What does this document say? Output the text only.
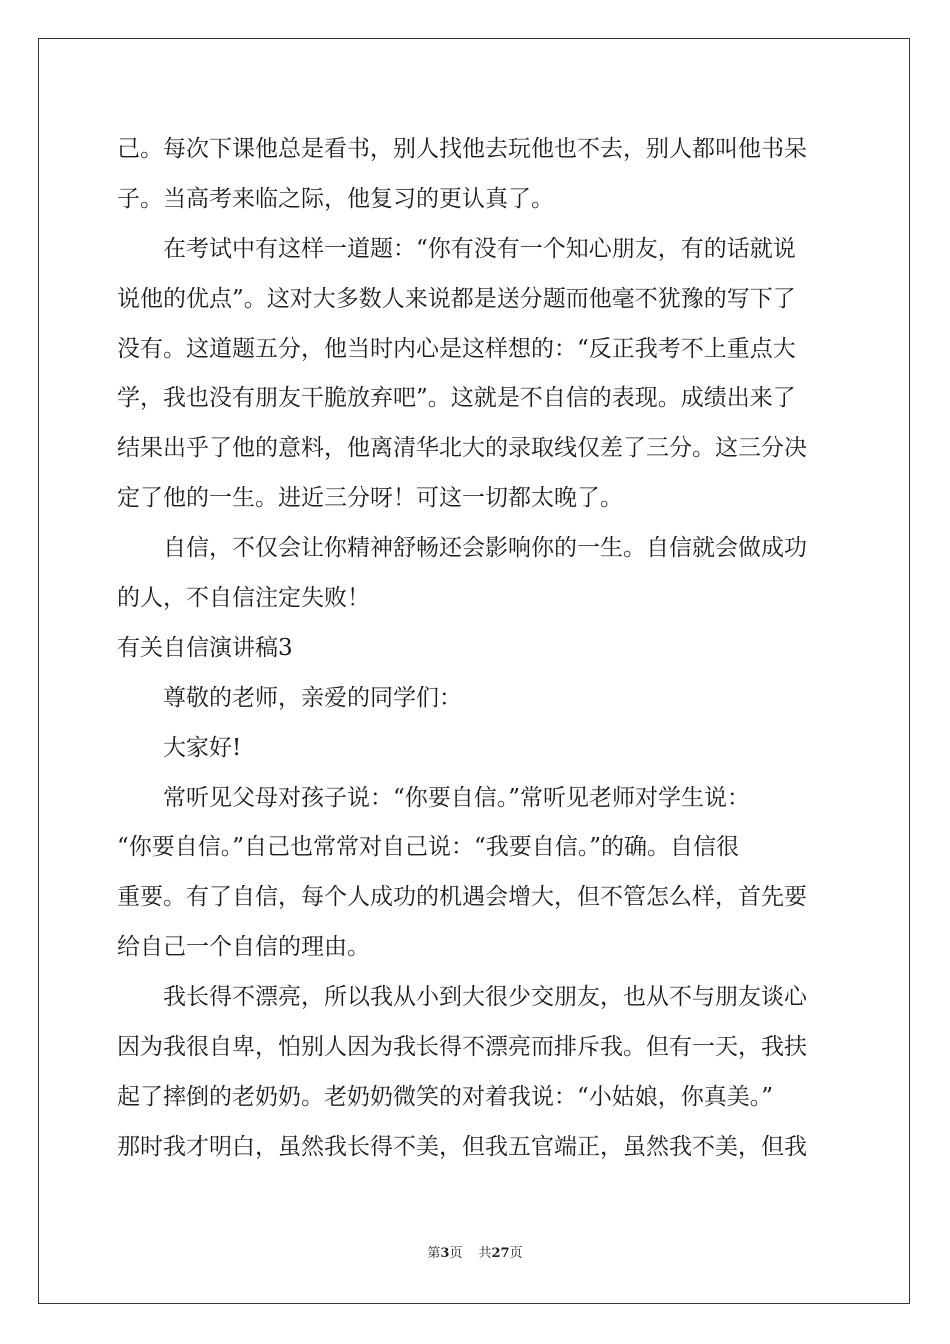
己。每次下课他总是看书，别人找他去玩他也不去，别人都叫他书呆
子。当高考来临之际，他复习的更认真了。
在考试中有这样一道题：“你有没有一个知心朋友，有的话就说
说他的优点”。这对大多数人来说都是送分题而他毫不犹豫的写下了
没有。这道题五分，他当时内心是这样想的：“反正我考不上重点大
学，我也没有朋友干脆放弃吧”。这就是不自信的表现。成绩出来了
结果出乎了他的意料，他离清华北大的录取线仅差了三分。这三分决
定了他的一生。进近三分呀！可这一切都太晚了。
自信，不仅会让你精神舒畅还会影响你的一生。自信就会做成功
的人，不自信注定失败！
有关自信演讲稿3
尊敬的老师，亲爱的同学们：
大家好!
常听见父母对孩子说：“你要自信。”常听见老师对学生说：
“你要自信。”自己也常常对自己说：“我要自信。”的确。自信很
重要。有了自信，每个人成功的机遇会增大，但不管怎么样，首先要
给自己一个自信的理由。
我长得不漂亮，所以我从小到大很少交朋友，也从不与朋友谈心
因为我很自卑，怕别人因为我长得不漂亮而排斥我。但有一天，我扶
起了摔倒的老奶奶。老奶奶微笑的对着我说：“小姑娘，你真美。”
那时我才明白，虽然我长得不美，但我五官端正，虽然我不美，但我
第3页 共27页
